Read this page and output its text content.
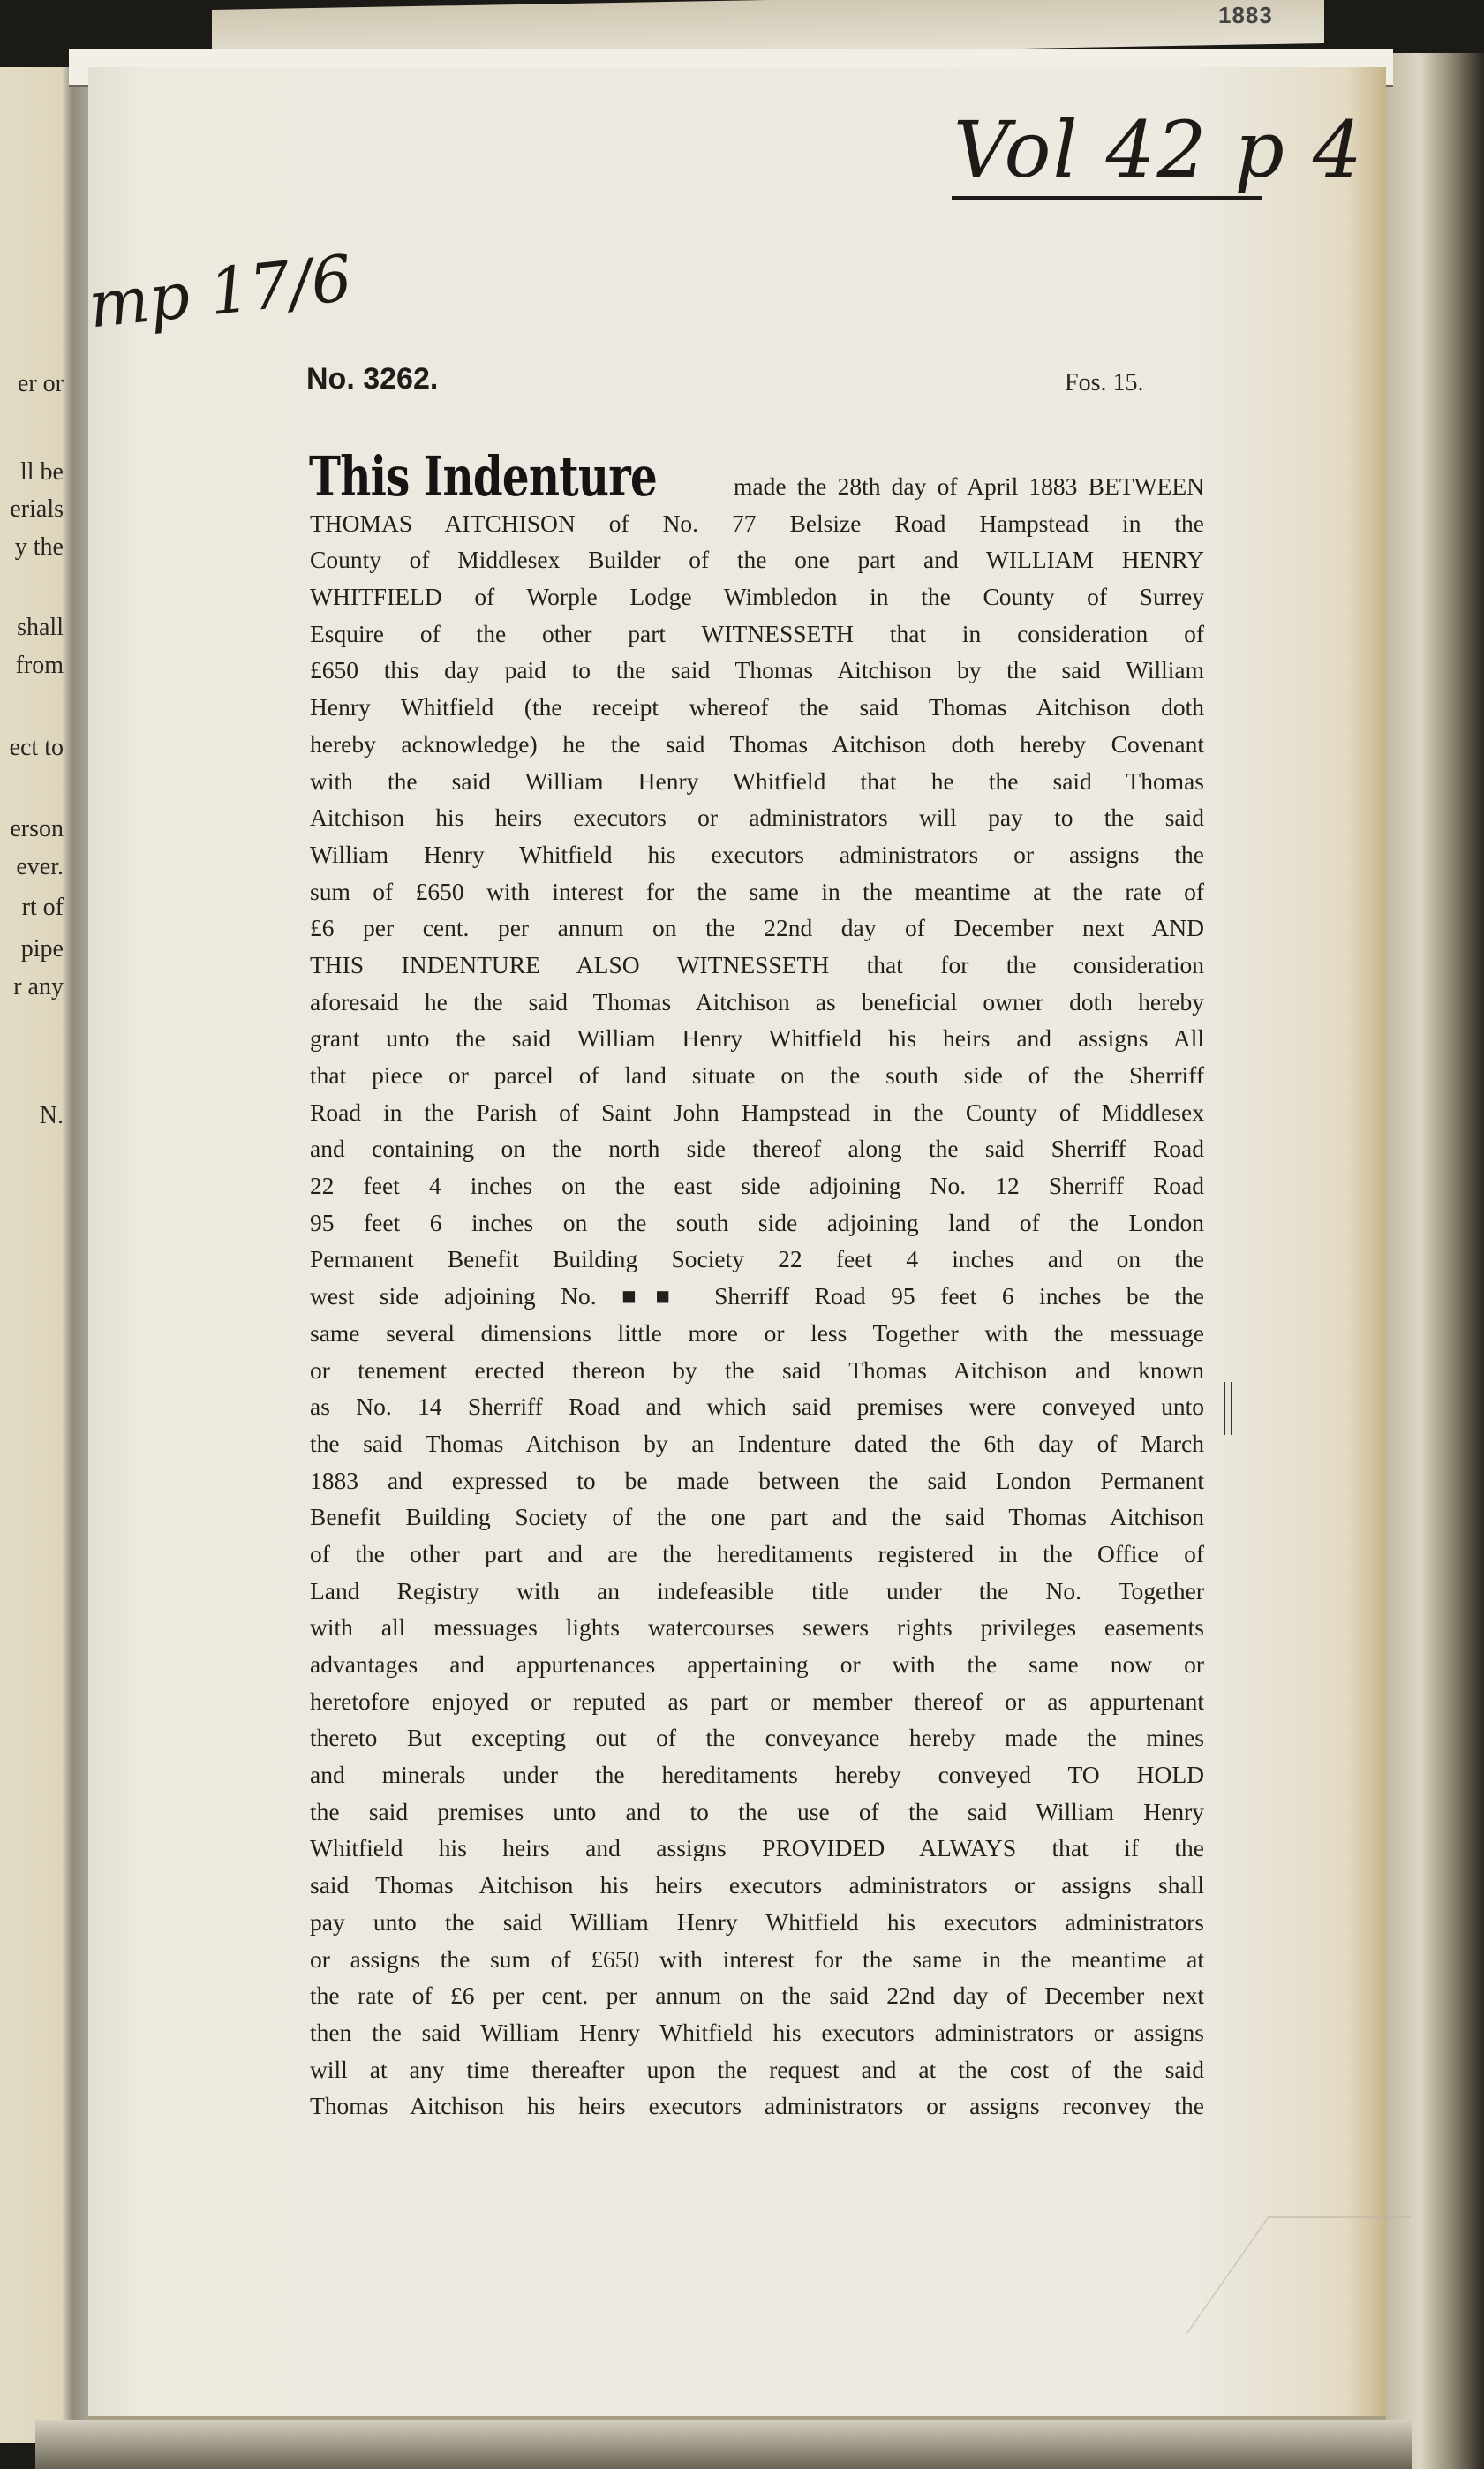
1883
er or
ll be
erials
y the
shall
from
ect to
erson
ever.
rt of
pipe
r any
N.
Vol 42 p 4
mp 17/6
No. 3262.	Fos. 15.
This Indenture	made the 28th day of April 1883 BETWEEN
THOMAS AITCHISON of No. 77 Belsize Road Hampstead in the
County of Middlesex Builder of the one part and WILLIAM HENRY
WHITFIELD of Worple Lodge Wimbledon in the County of Surrey
Esquire of the other part WITNESSETH that in consideration of
£650 this day paid to the said Thomas Aitchison by the said William
Henry Whitfield (the receipt whereof the said Thomas Aitchison doth
hereby acknowledge) he the said Thomas Aitchison doth hereby Covenant
with the said William Henry Whitfield that he the said Thomas
Aitchison his heirs executors or administrators will pay to the said
William Henry Whitfield his executors administrators or assigns the
sum of £650 with interest for the same in the meantime at the rate of
£6 per cent. per annum on the 22nd day of December next AND
THIS INDENTURE ALSO WITNESSETH that for the consideration
aforesaid he the said Thomas Aitchison as beneficial owner doth hereby
grant unto the said William Henry Whitfield his heirs and assigns All
that piece or parcel of land situate on the south side of the Sherriff
Road in the Parish of Saint John Hampstead in the County of Middlesex
and containing on the north side thereof along the said Sherriff Road
22 feet 4 inches on the east side adjoining No. 12 Sherriff Road
95 feet 6 inches on the south side adjoining land of the London
Permanent Benefit Building Society 22 feet 4 inches and on the
west side adjoining No. ■■ Sherriff Road 95 feet 6 inches be the
same several dimensions little more or less Together with the messuage
or tenement erected thereon by the said Thomas Aitchison and known
as No. 14 Sherriff Road and which said premises were conveyed unto
the said Thomas Aitchison by an Indenture dated the 6th day of March
1883 and expressed to be made between the said London Permanent
Benefit Building Society of the one part and the said Thomas Aitchison
of the other part and are the hereditaments registered in the Office of
Land Registry with an indefeasible title under the No. Together
with all messuages lights watercourses sewers rights privileges easements
advantages and appurtenances appertaining or with the same now or
heretofore enjoyed or reputed as part or member thereof or as appurtenant
thereto But excepting out of the conveyance hereby made the mines
and minerals under the hereditaments hereby conveyed TO HOLD
the said premises unto and to the use of the said William Henry
Whitfield his heirs and assigns PROVIDED ALWAYS that if the
said Thomas Aitchison his heirs executors administrators or assigns shall
pay unto the said William Henry Whitfield his executors administrators
or assigns the sum of £650 with interest for the same in the meantime at
the rate of £6 per cent. per annum on the said 22nd day of December next
then the said William Henry Whitfield his executors administrators or assigns
will at any time thereafter upon the request and at the cost of the said
Thomas Aitchison his heirs executors administrators or assigns reconvey the
